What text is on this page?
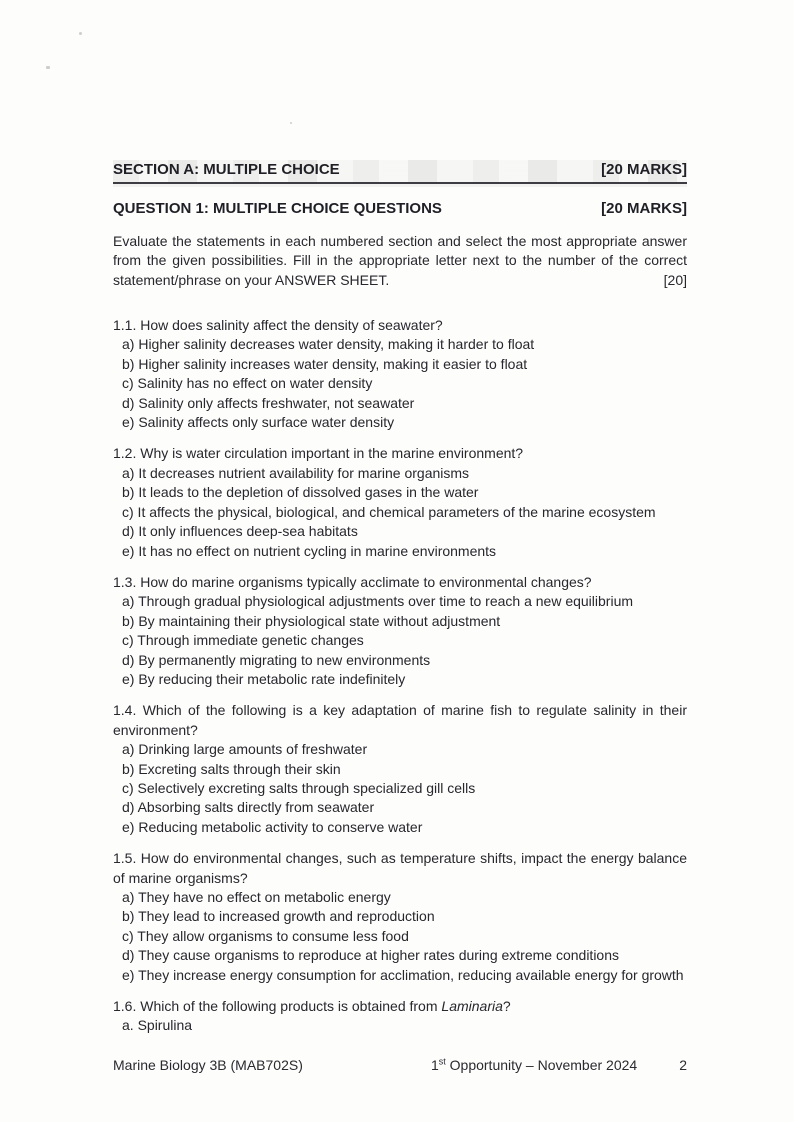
SECTION A: MULTIPLE CHOICE	[20 MARKS]
QUESTION 1: MULTIPLE CHOICE QUESTIONS	[20 MARKS]
Evaluate the statements in each numbered section and select the most appropriate answer from the given possibilities. Fill in the appropriate letter next to the number of the correct statement/phrase on your ANSWER SHEET.	[20]

1.1. How does salinity affect the density of seawater?

a) Higher salinity decreases water density, making it harder to float

b) Higher salinity increases water density, making it easier to float

c) Salinity has no effect on water density

d) Salinity only affects freshwater, not seawater

e) Salinity affects only surface water density

1.2. Why is water circulation important in the marine environment?

a) It decreases nutrient availability for marine organisms

b) It leads to the depletion of dissolved gases in the water

c) It affects the physical, biological, and chemical parameters of the marine ecosystem

d) It only influences deep-sea habitats

e) It has no effect on nutrient cycling in marine environments

1.3. How do marine organisms typically acclimate to environmental changes?

a) Through gradual physiological adjustments over time to reach a new equilibrium

b) By maintaining their physiological state without adjustment

c) Through immediate genetic changes

d) By permanently migrating to new environments

e) By reducing their metabolic rate indefinitely

1.4. Which of the following is a key adaptation of marine fish to regulate salinity in their environment?

a) Drinking large amounts of freshwater

b) Excreting salts through their skin

c) Selectively excreting salts through specialized gill cells

d) Absorbing salts directly from seawater

e) Reducing metabolic activity to conserve water

1.5. How do environmental changes, such as temperature shifts, impact the energy balance of marine organisms?

a) They have no effect on metabolic energy

b) They lead to increased growth and reproduction

c) They allow organisms to consume less food

d) They cause organisms to reproduce at higher rates during extreme conditions

e) They increase energy consumption for acclimation, reducing available energy for growth

1.6. Which of the following products is obtained from Laminaria?

a. Spirulina

Marine Biology 3B (MAB702S)	1st Opportunity – November 2024	2
